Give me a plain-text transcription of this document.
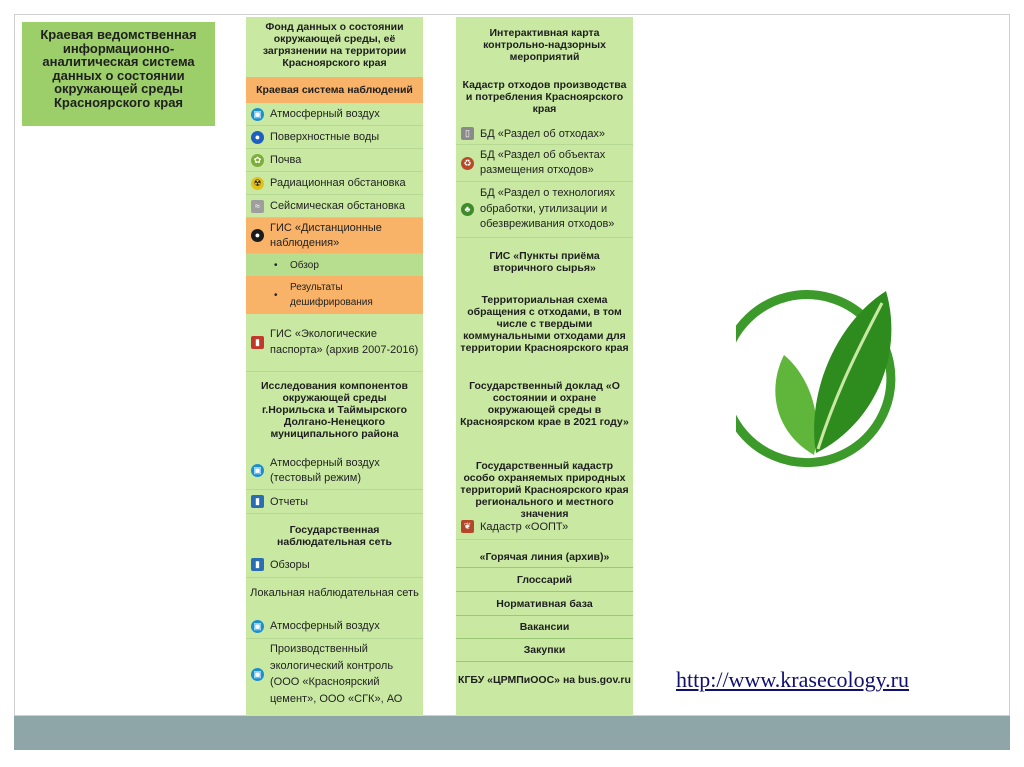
Краевая ведомственная информационно-аналитическая система данных о состоянии окружающей среды Красноярского края
Фонд данных о состоянии окружающей среды, её загрязнении на территории Красноярского края
Краевая система наблюдений
▣ Атмосферный воздух
● Поверхностные воды
✿ Почва
☢ Радиационная обстановка
≈ Сейсмическая обстановка
●
ГИС «Дистанционные наблюдения»
• Обзор
•
Результаты дешифрирования
▮
ГИС «Экологические паспорта» (архив 2007-2016)
Исследования компонентов окружающей среды г.Норильска и Таймырского Долгано-Ненецкого муниципального района
▣
Атмосферный воздух (тестовый режим)
▮ Отчеты
Государственная наблюдательная сеть
▮ Обзоры
Локальная наблюдательная сеть
▣ Атмосферный воздух
▣
Производственный экологический контроль (ООО «Красноярский цемент», ООО «СГК», АО
Интерактивная карта контрольно-надзорных мероприятий
Кадастр отходов производства и потребления Красноярского края
▯ БД «Раздел об отходах»
♻
БД «Раздел об объектах размещения отходов»
♣
БД «Раздел о технологиях обработки, утилизации и обезвреживания отходов»
ГИС «Пункты приёма вторичного сырья»
Территориальная схема обращения с отходами, в том числе с твердыми коммунальными отходами для территории Красноярского края
Государственный доклад «О состоянии и охране окружающей среды в Красноярском крае в 2021 году»
Государственный кадастр особо охраняемых природных территорий Красноярского края регионального и местного значения
❦ Кадастр «ООПТ»
«Горячая линия (архив)»
Глоссарий
Нормативная база
Вакансии
Закупки
КГБУ «ЦРМПиООС» на bus.gov.ru http://www.krasecology.ru
